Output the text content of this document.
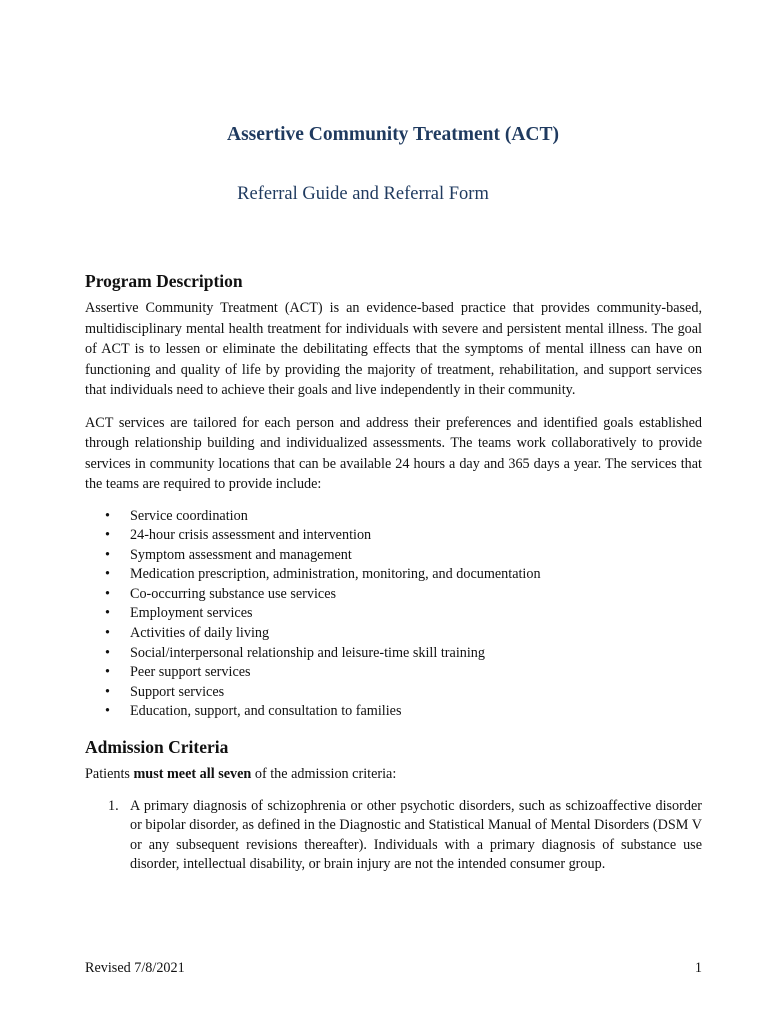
Assertive Community Treatment (ACT)
Referral Guide and Referral Form
Program Description

Assertive Community Treatment (ACT) is an evidence-based practice that provides community-based, multidisciplinary mental health treatment for individuals with severe and persistent mental illness. The goal of ACT is to lessen or eliminate the debilitating effects that the symptoms of mental illness can have on functioning and quality of life by providing the majority of treatment, rehabilitation, and support services that individuals need to achieve their goals and live independently in their community.

ACT services are tailored for each person and address their preferences and identified goals established through relationship building and individualized assessments. The teams work collaboratively to provide services in community locations that can be available 24 hours a day and 365 days a year. The services that the teams are required to provide include:

• Service coordination
• 24-hour crisis assessment and intervention
• Symptom assessment and management
• Medication prescription, administration, monitoring, and documentation
• Co-occurring substance use services
• Employment services
• Activities of daily living
• Social/interpersonal relationship and leisure-time skill training
• Peer support services
• Support services
• Education, support, and consultation to families
Admission Criteria

Patients must meet all seven of the admission criteria:

1. A primary diagnosis of schizophrenia or other psychotic disorders, such as schizoaffective disorder or bipolar disorder, as defined in the Diagnostic and Statistical Manual of Mental Disorders (DSM V or any subsequent revisions thereafter). Individuals with a primary diagnosis of substance use disorder, intellectual disability, or brain injury are not the intended consumer group.
Revised 7/8/2021	1
